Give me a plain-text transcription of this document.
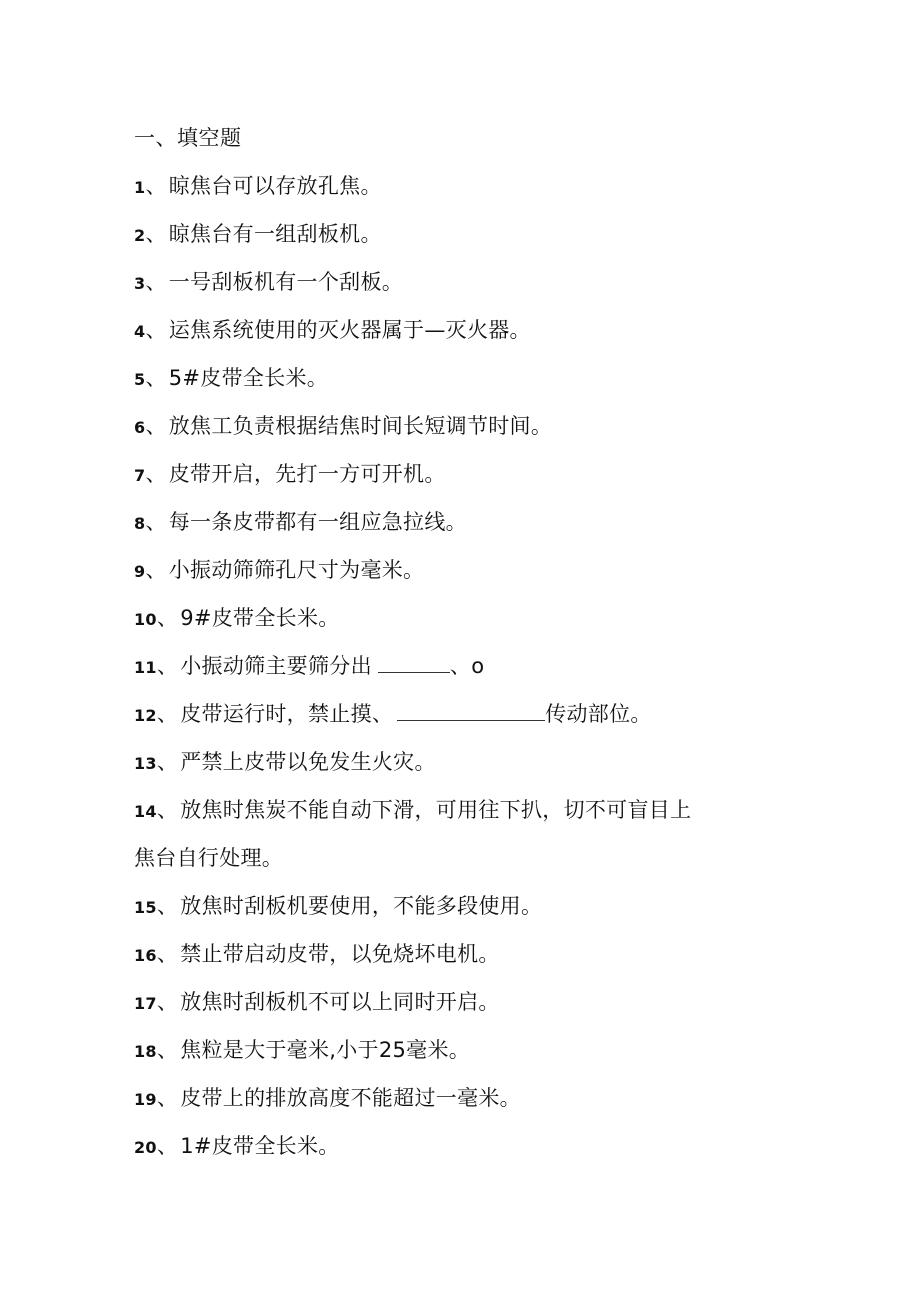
一、填空题
1、晾焦台可以存放孔焦。
2、晾焦台有一组刮板机。
3、一号刮板机有一个刮板。
4、运焦系统使用的灭火器属于—灭火器。
5、5#皮带全长米。
6、放焦工负责根据结焦时间长短调节时间。
7、皮带开启，先打一方可开机。
8、每一条皮带都有一组应急拉线。
9、小振动筛筛孔尺寸为毫米。
10、9#皮带全长米。
11、小振动筛主要筛分出	、o
12、皮带运行时，禁止摸、	传动部位。
13、严禁上皮带以免发生火灾。
14、放焦时焦炭不能自动下滑，可用往下扒，切不可盲目上
焦台自行处理。
15、放焦时刮板机要使用，不能多段使用。
16、禁止带启动皮带，以免烧坏电机。
17、放焦时刮板机不可以上同时开启。
18、焦粒是大于毫米,小于25毫米。
19、皮带上的排放高度不能超过一毫米。
20、1#皮带全长米。
